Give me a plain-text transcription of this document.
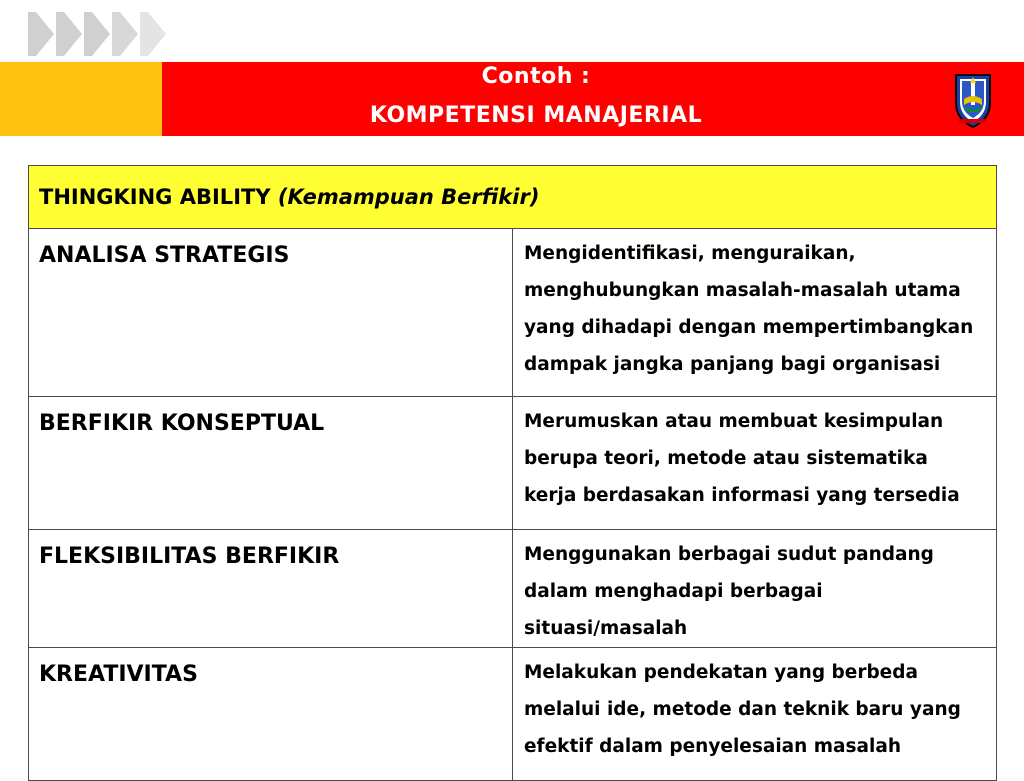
Contoh :
KOMPETENSI MANAJERIAL
THINGKING ABILITY (Kemampuan Berfikir)	
ANALISA STRATEGIS	Mengidentifikasi, menguraikan, menghubungkan masalah-masalah utama yang dihadapi dengan mempertimbangkan dampak jangka panjang bagi organisasi
BERFIKIR KONSEPTUAL	Merumuskan atau membuat kesimpulan berupa teori, metode atau sistematika kerja berdasakan informasi yang tersedia
FLEKSIBILITAS BERFIKIR	Menggunakan berbagai sudut pandang dalam menghadapi berbagai situasi/masalah
KREATIVITAS	Melakukan pendekatan yang berbeda melalui ide, metode dan teknik baru yang efektif dalam penyelesaian masalah
